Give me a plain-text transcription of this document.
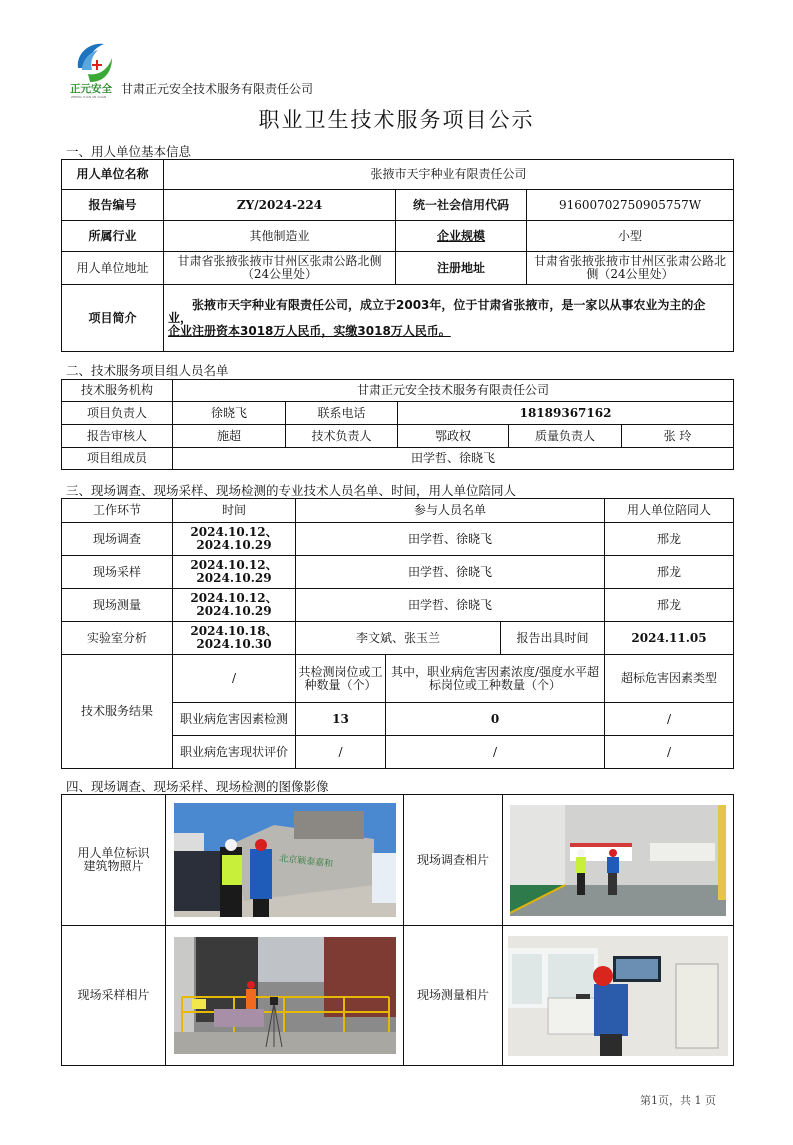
正元安全
ZHENG YUAN AN QUAN
甘肃正元安全技术服务有限责任公司
职业卫生技术服务项目公示
一、用人单位基本信息
用人单位名称	张掖市天宇种业有限责任公司		
报告编号	ZY/2024-224	统一社会信用代码	91600702750905757W
所属行业	其他制造业	企业规模	小型
用人单位地址	甘肃省张掖张掖市甘州区张肃公路北侧（24公里处）	注册地址	甘肃省张掖张掖市甘州区张肃公路北侧（24公里处）
项目简介	张掖市天宇种业有限责任公司，成立于2003年，位于甘肃省张掖市，是一家以从事农业为主的企业，

企业注册资本3018万人民币，实缴3018万人民币。		

二、技术服务项目组人员名单
技术服务机构	甘肃正元安全技术服务有限责任公司				
项目负责人	徐晓飞	联系电话	18189367162		
报告审核人	施超	技术负责人	鄂政权	质量负责人	张 玲
项目组成员	田学哲、徐晓飞				
三、现场调查、现场采样、现场检测的专业技术人员名单、时间，用人单位陪同人
工作环节	时间	参与人员名单			用人单位陪同人
现场调查	2024.10.12、
2024.10.29	田学哲、徐晓飞			邢龙
现场采样	2024.10.12、
2024.10.29	田学哲、徐晓飞			邢龙
现场测量	2024.10.12、
2024.10.29	田学哲、徐晓飞			邢龙
实验室分析	2024.10.18、
2024.10.30	李文斌、张玉兰		报告出具时间	2024.11.05
技术服务结果	/	共检测岗位或工种数量（个）	其中，职业病危害因素浓度/强度水平超标岗位或工种数量（个）		超标危害因素类型
	职业病危害因素检测	13	0		/
	职业病危害现状评价	/	/		/
四、现场调查、现场采样、现场检测的图像影像
用人单位标识建筑物照片	北京颖泰嘉和	现场调查相片	

现场采样相片		现场测量相片	
第1页，共 1 页
